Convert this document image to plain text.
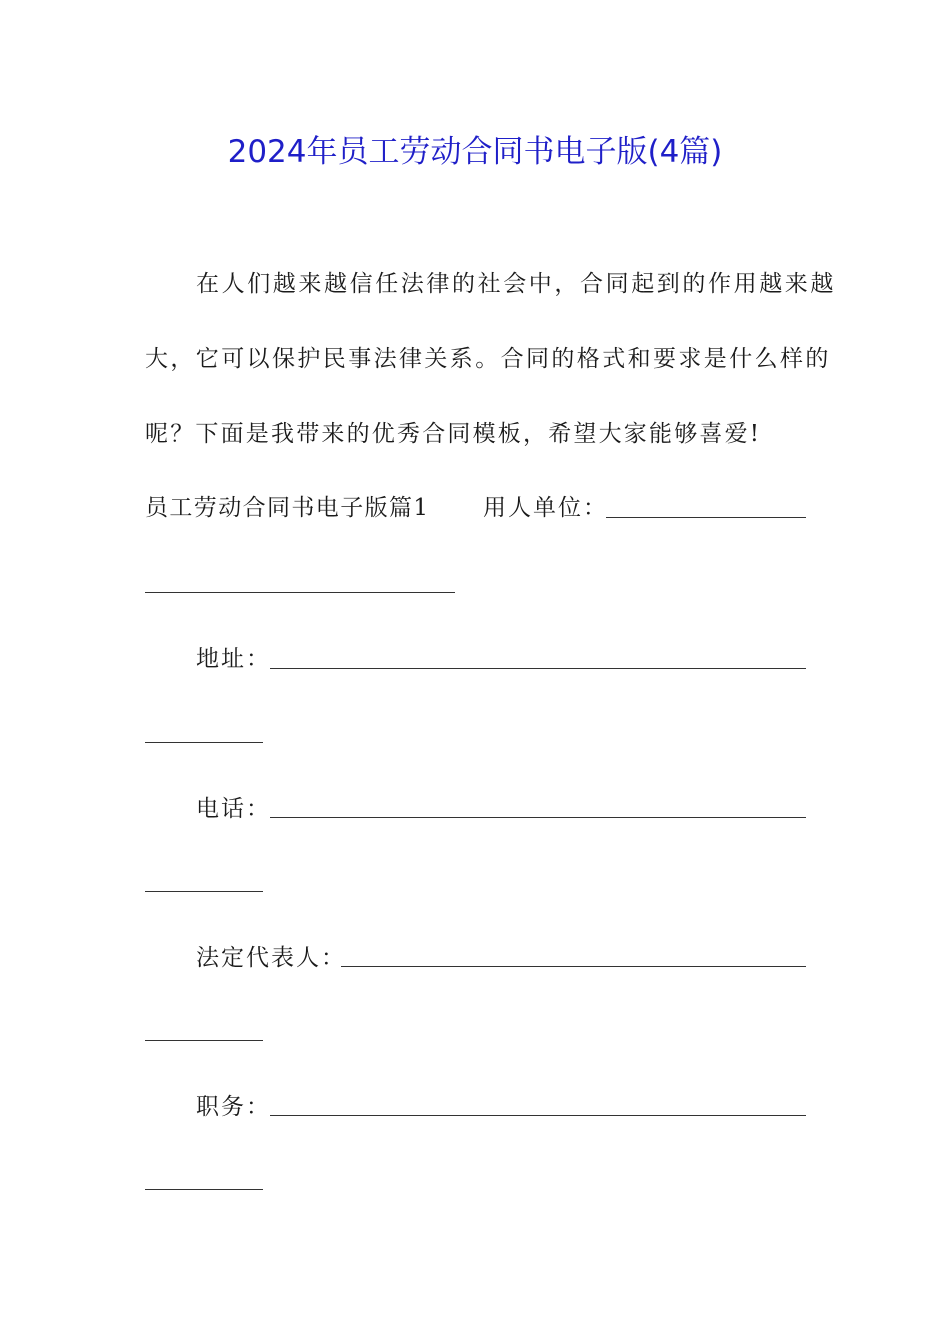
2024年员工劳动合同书电子版(4篇)
在人们越来越信任法律的社会中，合同起到的作用越来越
大，它可以保护民事法律关系。合同的格式和要求是什么样的
呢？下面是我带来的优秀合同模板，希望大家能够喜爱!
员工劳动合同书电子版篇1 用人单位：
地址：
电话：
法定代表人：
职务：
